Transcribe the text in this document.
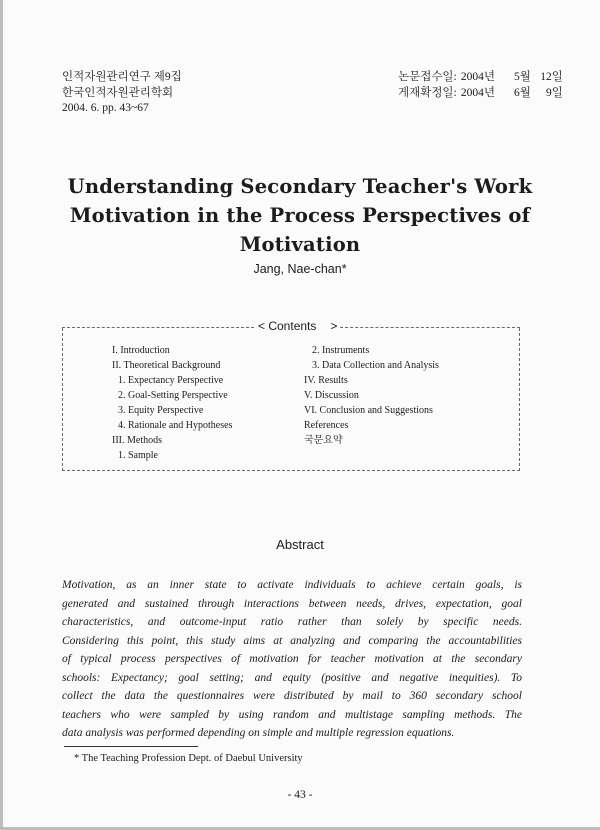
인적자원관리연구 제9집
한국인적자원관리학회
2004. 6. pp. 43~67
논문접수일: 2004년 5월 12일
게재확정일: 2004년 6월 9일
Understanding Secondary Teacher's Work
Motivation in the Process Perspectives of
Motivation
Jang, Nae-chan*
< Contents >
I. Introduction
II. Theoretical Background
1. Expectancy Perspective
2. Goal-Setting Perspective
3. Equity Perspective
4. Rationale and Hypotheses
III. Methods
1. Sample
2. Instruments
3. Data Collection and Analysis
IV. Results
V. Discussion
VI. Conclusion and Suggestions
References
국문요약
Abstract
Motivation, as an inner state to activate individuals to achieve certain goals, is
generated and sustained through interactions between needs, drives, expectation, goal
characteristics, and outcome-input ratio rather than solely by specific needs.
Considering this point, this study aims at analyzing and comparing the accountabilities
of typical process perspectives of motivation for teacher motivation at the secondary
schools: Expectancy; goal setting; and equity (positive and negative inequities). To
collect the data the questionnaires were distributed by mail to 360 secondary school
teachers who were sampled by using random and multistage sampling methods. The
data analysis was performed depending on simple and multiple regression equations.
* The Teaching Profession Dept. of Daebul University
- 43 -
